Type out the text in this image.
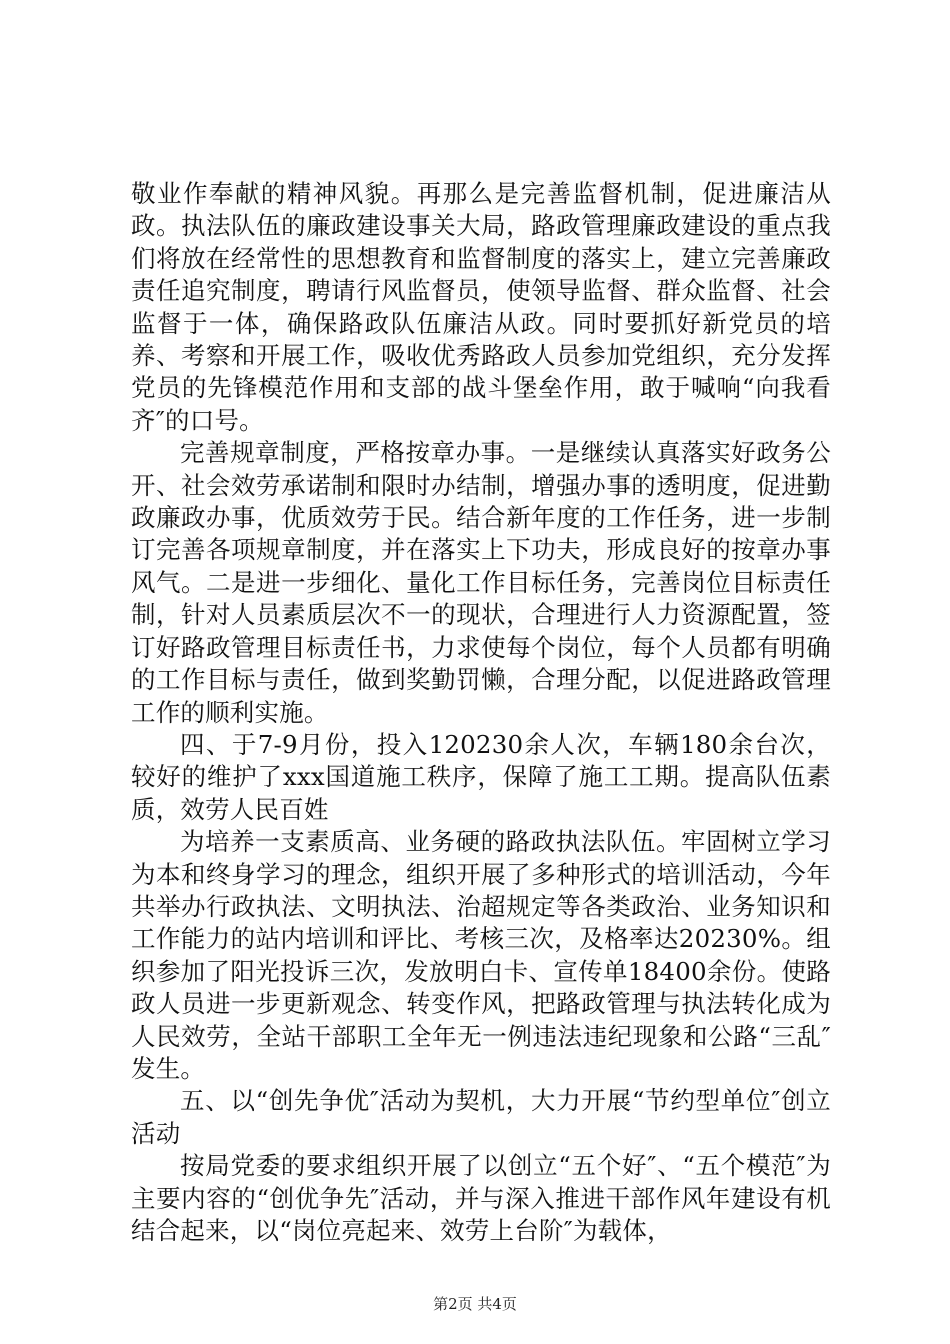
敬业作奉献的精神风貌。再那么是完善监督机制，促进廉洁从政。执法队伍的廉政建设事关大局，路政管理廉政建设的重点我们将放在经常性的思想教育和监督制度的落实上，建立完善廉政责任追究制度，聘请行风监督员，使领导监督、群众监督、社会监督于一体，确保路政队伍廉洁从政。同时要抓好新党员的培养、考察和开展工作，吸收优秀路政人员参加党组织，充分发挥党员的先锋模范作用和支部的战斗堡垒作用，敢于喊响“向我看齐″的口号。

完善规章制度，严格按章办事。一是继续认真落实好政务公开、社会效劳承诺制和限时办结制，增强办事的透明度，促进勤政廉政办事，优质效劳于民。结合新年度的工作任务，进一步制订完善各项规章制度，并在落实上下功夫，形成良好的按章办事风气。二是进一步细化、量化工作目标任务，完善岗位目标责任制，针对人员素质层次不一的现状，合理进行人力资源配置，签订好路政管理目标责任书，力求使每个岗位，每个人员都有明确的工作目标与责任，做到奖勤罚懒，合理分配，以促进路政管理工作的顺利实施。

四、于7-9月份，投入120230余人次，车辆180余台次，较好的维护了xxx国道施工秩序，保障了施工工期。提高队伍素质，效劳人民百姓

为培养一支素质高、业务硬的路政执法队伍。牢固树立学习为本和终身学习的理念，组织开展了多种形式的培训活动，今年共举办行政执法、文明执法、治超规定等各类政治、业务知识和工作能力的站内培训和评比、考核三次，及格率达20230%。组织参加了阳光投诉三次，发放明白卡、宣传单18400余份。使路政人员进一步更新观念、转变作风，把路政管理与执法转化成为人民效劳，全站干部职工全年无一例违法违纪现象和公路“三乱″发生。

五、以“创先争优″活动为契机，大力开展“节约型单位″创立活动

按局党委的要求组织开展了以创立“五个好″、“五个模范″为主要内容的“创优争先″活动，并与深入推进干部作风年建设有机结合起来，以“岗位亮起来、效劳上台阶″为载体，

第2页 共4页
